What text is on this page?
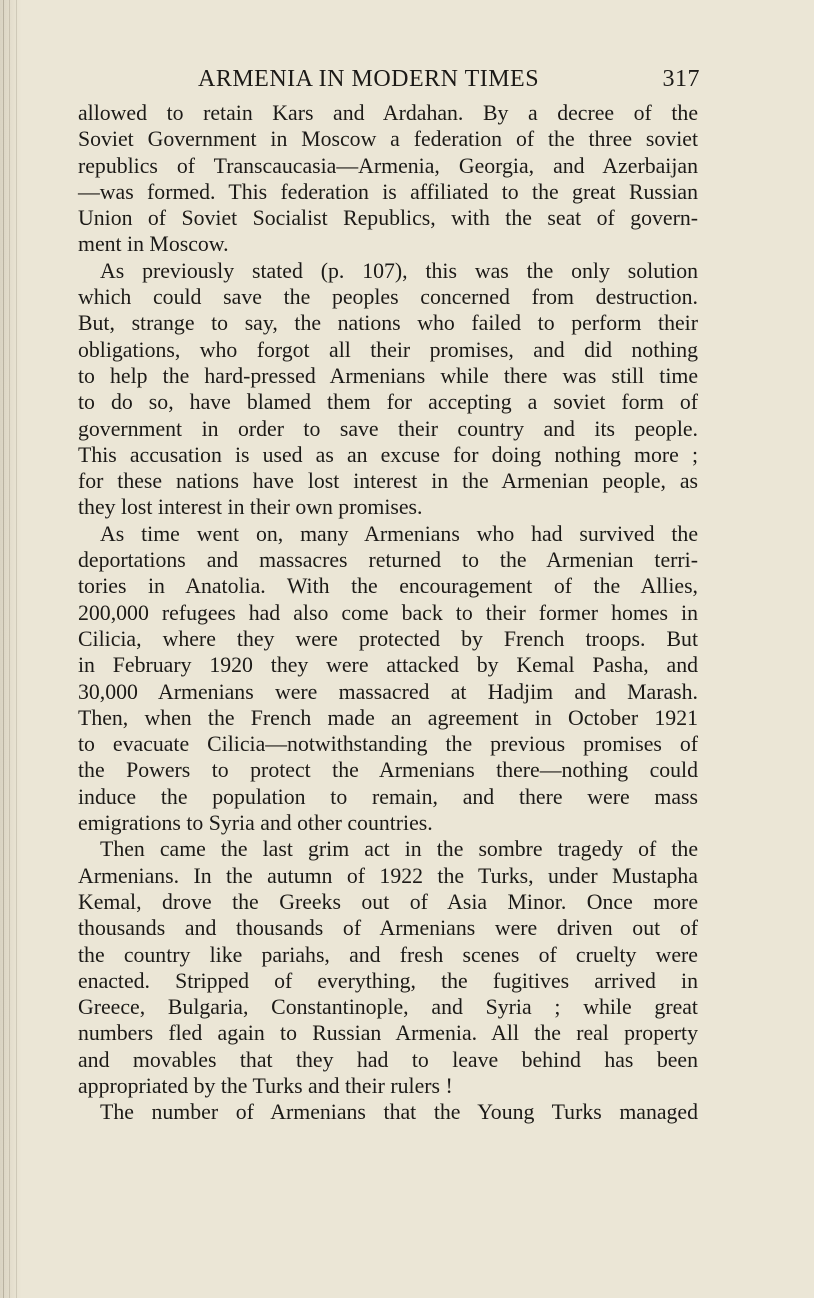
ARMENIA IN MODERN TIMES	317
allowed to retain Kars and Ardahan. By a decree of the
Soviet Government in Moscow a federation of the three soviet
republics of Transcaucasia—Armenia, Georgia, and Azerbaijan
—was formed. This federation is affiliated to the great Russian
Union of Soviet Socialist Republics, with the seat of govern-
ment in Moscow.
As previously stated (p. 107), this was the only solution
which could save the peoples concerned from destruction.
But, strange to say, the nations who failed to perform their
obligations, who forgot all their promises, and did nothing
to help the hard-pressed Armenians while there was still time
to do so, have blamed them for accepting a soviet form of
government in order to save their country and its people.
This accusation is used as an excuse for doing nothing more ;
for these nations have lost interest in the Armenian people, as
they lost interest in their own promises.
As time went on, many Armenians who had survived the
deportations and massacres returned to the Armenian terri-
tories in Anatolia. With the encouragement of the Allies,
200,000 refugees had also come back to their former homes in
Cilicia, where they were protected by French troops. But
in February 1920 they were attacked by Kemal Pasha, and
30,000 Armenians were massacred at Hadjim and Marash.
Then, when the French made an agreement in October 1921
to evacuate Cilicia—notwithstanding the previous promises of
the Powers to protect the Armenians there—nothing could
induce the population to remain, and there were mass
emigrations to Syria and other countries.
Then came the last grim act in the sombre tragedy of the
Armenians. In the autumn of 1922 the Turks, under Mustapha
Kemal, drove the Greeks out of Asia Minor. Once more
thousands and thousands of Armenians were driven out of
the country like pariahs, and fresh scenes of cruelty were
enacted. Stripped of everything, the fugitives arrived in
Greece, Bulgaria, Constantinople, and Syria ; while great
numbers fled again to Russian Armenia. All the real property
and movables that they had to leave behind has been
appropriated by the Turks and their rulers !
The number of Armenians that the Young Turks managed
